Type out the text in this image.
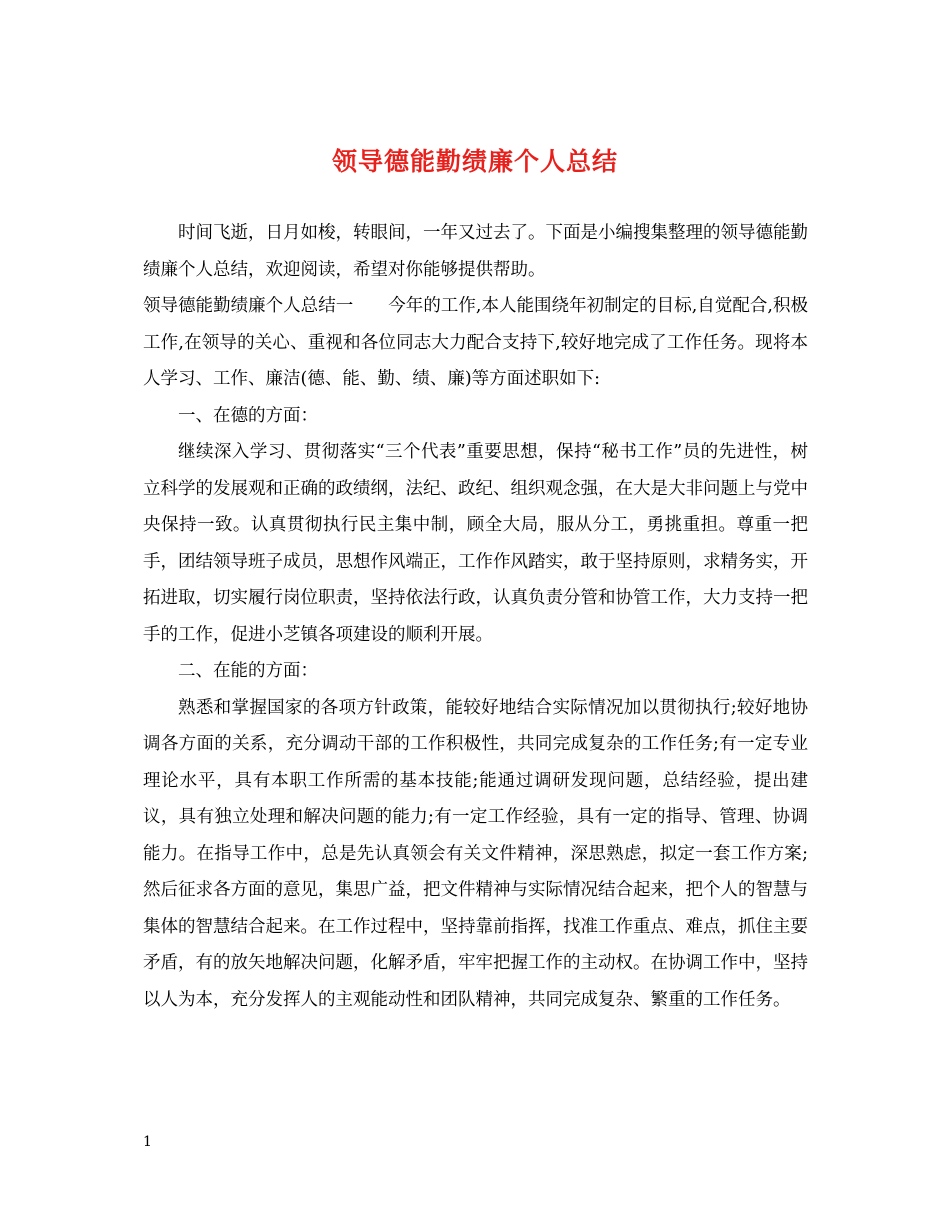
领导德能勤绩廉个人总结

时间飞逝，日月如梭，转眼间，一年又过去了。下面是小编搜集整理的领导德能勤绩廉个人总结，欢迎阅读，希望对你能够提供帮助。

领导德能勤绩廉个人总结一　　今年的工作,本人能围绕年初制定的目标,自觉配合,积极工作,在领导的关心、重视和各位同志大力配合支持下,较好地完成了工作任务。现将本人学习、工作、廉洁(德、能、勤、绩、廉)等方面述职如下:

一、在德的方面：

继续深入学习、贯彻落实“三个代表”重要思想，保持“秘书工作”员的先进性，树立科学的发展观和正确的政绩纲，法纪、政纪、组织观念强，在大是大非问题上与党中央保持一致。认真贯彻执行民主集中制，顾全大局，服从分工，勇挑重担。尊重一把手，团结领导班子成员，思想作风端正，工作作风踏实，敢于坚持原则，求精务实，开拓进取，切实履行岗位职责，坚持依法行政，认真负责分管和协管工作，大力支持一把手的工作，促进小芝镇各项建设的顺利开展。

二、在能的方面：

熟悉和掌握国家的各项方针政策，能较好地结合实际情况加以贯彻执行;较好地协调各方面的关系，充分调动干部的工作积极性，共同完成复杂的工作任务;有一定专业理论水平，具有本职工作所需的基本技能;能通过调研发现问题，总结经验，提出建议，具有独立处理和解决问题的能力;有一定工作经验，具有一定的指导、管理、协调能力。在指导工作中，总是先认真领会有关文件精神，深思熟虑，拟定一套工作方案;然后征求各方面的意见，集思广益，把文件精神与实际情况结合起来，把个人的智慧与集体的智慧结合起来。在工作过程中，坚持靠前指挥，找准工作重点、难点，抓住主要矛盾，有的放矢地解决问题，化解矛盾，牢牢把握工作的主动权。在协调工作中，坚持以人为本，充分发挥人的主观能动性和团队精神，共同完成复杂、繁重的工作任务。

1
